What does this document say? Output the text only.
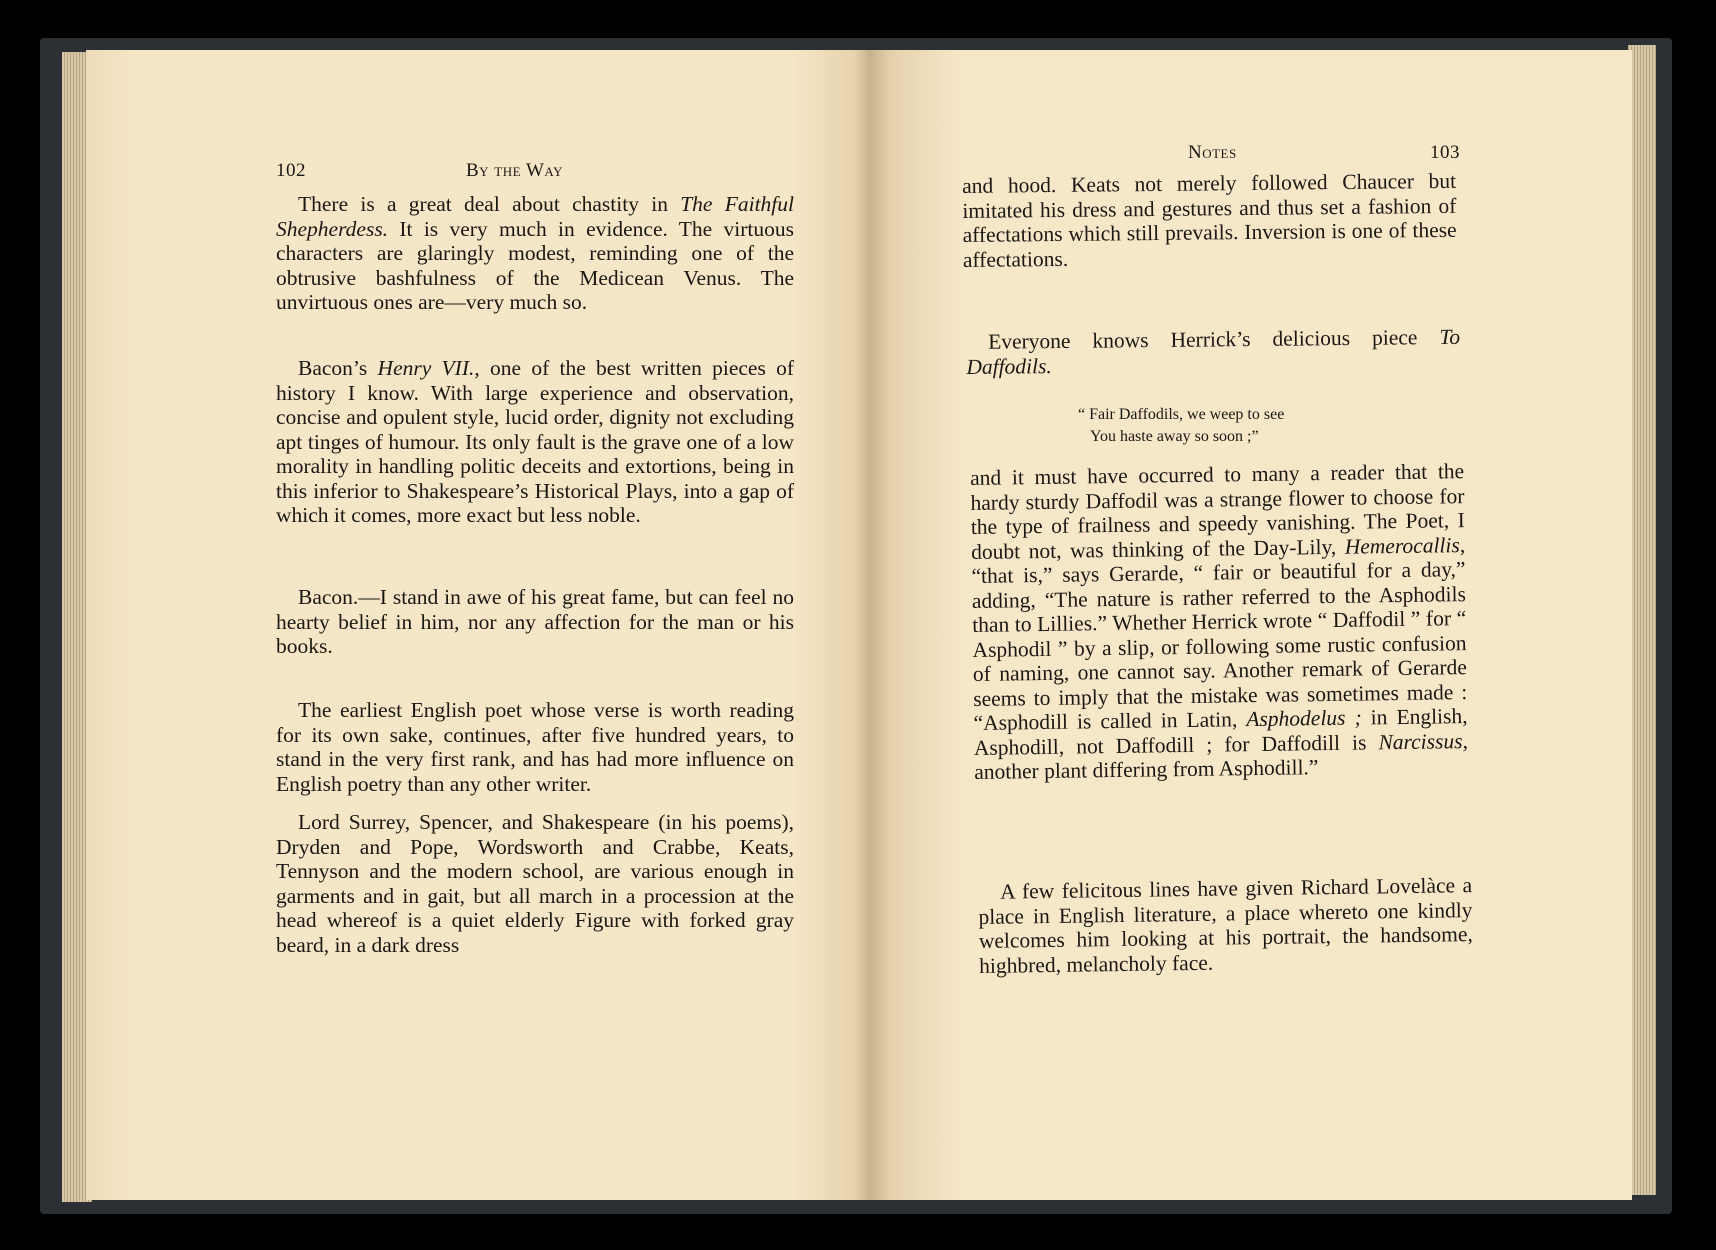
102	By the Way

There is a great deal about chastity in The Faithful Shepherdess. It is very much in evidence. The virtuous characters are glaringly modest, reminding one of the obtrusive bashfulness of the Medicean Venus. The unvirtuous ones are—very much so.

Bacon’s Henry VII., one of the best written pieces of history I know. With large experience and observation, concise and opulent style, lucid order, dignity not excluding apt tinges of humour. Its only fault is the grave one of a low morality in handling politic deceits and extortions, being in this inferior to Shakespeare’s Historical Plays, into a gap of which it comes, more exact but less noble.

Bacon.—I stand in awe of his great fame, but can feel no hearty belief in him, nor any affection for the man or his books.

The earliest English poet whose verse is worth reading for its own sake, continues, after five hundred years, to stand in the very first rank, and has had more influence on English poetry than any other writer.

Lord Surrey, Spencer, and Shakespeare (in his poems), Dryden and Pope, Wordsworth and Crabbe, Keats, Tennyson and the modern school, are various enough in garments and in gait, but all march in a procession at the head whereof is a quiet elderly Figure with forked gray beard, in a dark dress

Notes	103

and hood. Keats not merely followed Chaucer but imitated his dress and gestures and thus set a fashion of affectations which still prevails. Inversion is one of these affectations.

Everyone knows Herrick’s delicious piece To Daffodils.

“ Fair Daffodils, we weep to see
You haste away so soon ;”

and it must have occurred to many a reader that the hardy sturdy Daffodil was a strange flower to choose for the type of frailness and speedy vanishing. The Poet, I doubt not, was thinking of the Day-Lily, Hemerocallis, “that is,” says Gerarde, “ fair or beautiful for a day,” adding, “The nature is rather referred to the Asphodils than to Lillies.” Whether Herrick wrote “ Daffodil ” for “ Asphodil ” by a slip, or following some rustic confusion of naming, one cannot say. Another remark of Gerarde seems to imply that the mistake was sometimes made : “Asphodill is called in Latin, Asphodelus ; in English, Asphodill, not Daffodill ; for Daffodill is Narcissus, another plant differing from Asphodill.”

A few felicitous lines have given Richard Lovelàce a place in English literature, a place whereto one kindly welcomes him looking at his portrait, the handsome, highbred, melancholy face.
